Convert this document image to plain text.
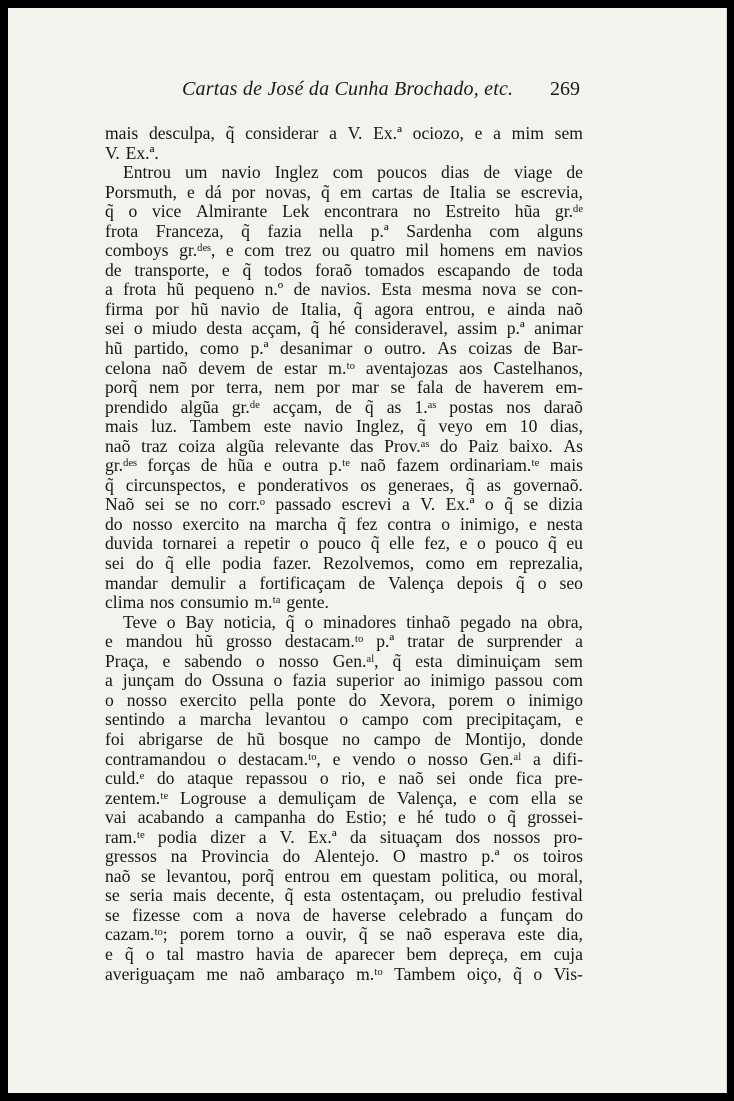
Cartas de José da Cunha Brochado, etc. 269
mais desculpa, q̃ considerar a V. Ex.ª ociozo, e a mim sem
V. Ex.ª.
Entrou um navio Inglez com poucos dias de viage de
Porsmuth, e dá por novas, q̃ em cartas de Italia se escrevia,
q̃ o vice Almirante Lek encontrara no Estreito hũa gr.ᵈᵉ
frota Franceza, q̃ fazia nella p.ª Sardenha com alguns
comboys gr.ᵈᵉˢ, e com trez ou quatro mil homens em navios
de transporte, e q̃ todos foraõ tomados escapando de toda
a frota hũ pequeno n.º de navios. Esta mesma nova se con-
firma por hũ navio de Italia, q̃ agora entrou, e ainda naõ
sei o miudo desta acçam, q̃ hé consideravel, assim p.ª animar
hũ partido, como p.ª desanimar o outro. As coizas de Bar-
celona naõ devem de estar m.ᵗᵒ aventajozas aos Castelhanos,
porq̃ nem por terra, nem por mar se fala de haverem em-
prendido algũa gr.ᵈᵉ acçam, de q̃ as 1.ᵃˢ postas nos daraõ
mais luz. Tambem este navio Inglez, q̃ veyo em 10 dias,
naõ traz coiza algũa relevante das Prov.ᵃˢ do Paiz baixo. As
gr.ᵈᵉˢ forças de hũa e outra p.ᵗᵉ naõ fazem ordinariam.ᵗᵉ mais
q̃ circunspectos, e ponderativos os generaes, q̃ as governaõ.
Naõ sei se no corr.ᵒ passado escrevi a V. Ex.ª o q̃ se dizia
do nosso exercito na marcha q̃ fez contra o inimigo, e nesta
duvida tornarei a repetir o pouco q̃ elle fez, e o pouco q̃ eu
sei do q̃ elle podia fazer. Rezolvemos, como em reprezalia,
mandar demulir a fortificaçam de Valença depois q̃ o seo
clima nos consumio m.ᵗᵃ gente.
Teve o Bay noticia, q̃ o minadores tinhaõ pegado na obra,
e mandou hũ grosso destacam.ᵗᵒ p.ª tratar de surprender a
Praça, e sabendo o nosso Gen.ᵃˡ, q̃ esta diminuiçam sem
a junçam do Ossuna o fazia superior ao inimigo passou com
o nosso exercito pella ponte do Xevora, porem o inimigo
sentindo a marcha levantou o campo com precipitaçam, e
foi abrigarse de hũ bosque no campo de Montijo, donde
contramandou o destacam.ᵗᵒ, e vendo o nosso Gen.ᵃˡ a difi-
culd.ᵉ do ataque repassou o rio, e naõ sei onde fica pre-
zentem.ᵗᵉ Logrouse a demuliçam de Valença, e com ella se
vai acabando a campanha do Estio; e hé tudo o q̃ grossei-
ram.ᵗᵉ podia dizer a V. Ex.ª da situaçam dos nossos pro-
gressos na Provincia do Alentejo. O mastro p.ª os toiros
naõ se levantou, porq̃ entrou em questam politica, ou moral,
se seria mais decente, q̃ esta ostentaçam, ou preludio festival
se fizesse com a nova de haverse celebrado a funçam do
cazam.ᵗᵒ; porem torno a ouvir, q̃ se naõ esperava este dia,
e q̃ o tal mastro havia de aparecer bem depreça, em cuja
averiguaçam me naõ ambaraço m.ᵗᵒ Tambem oiço, q̃ o Vis-
